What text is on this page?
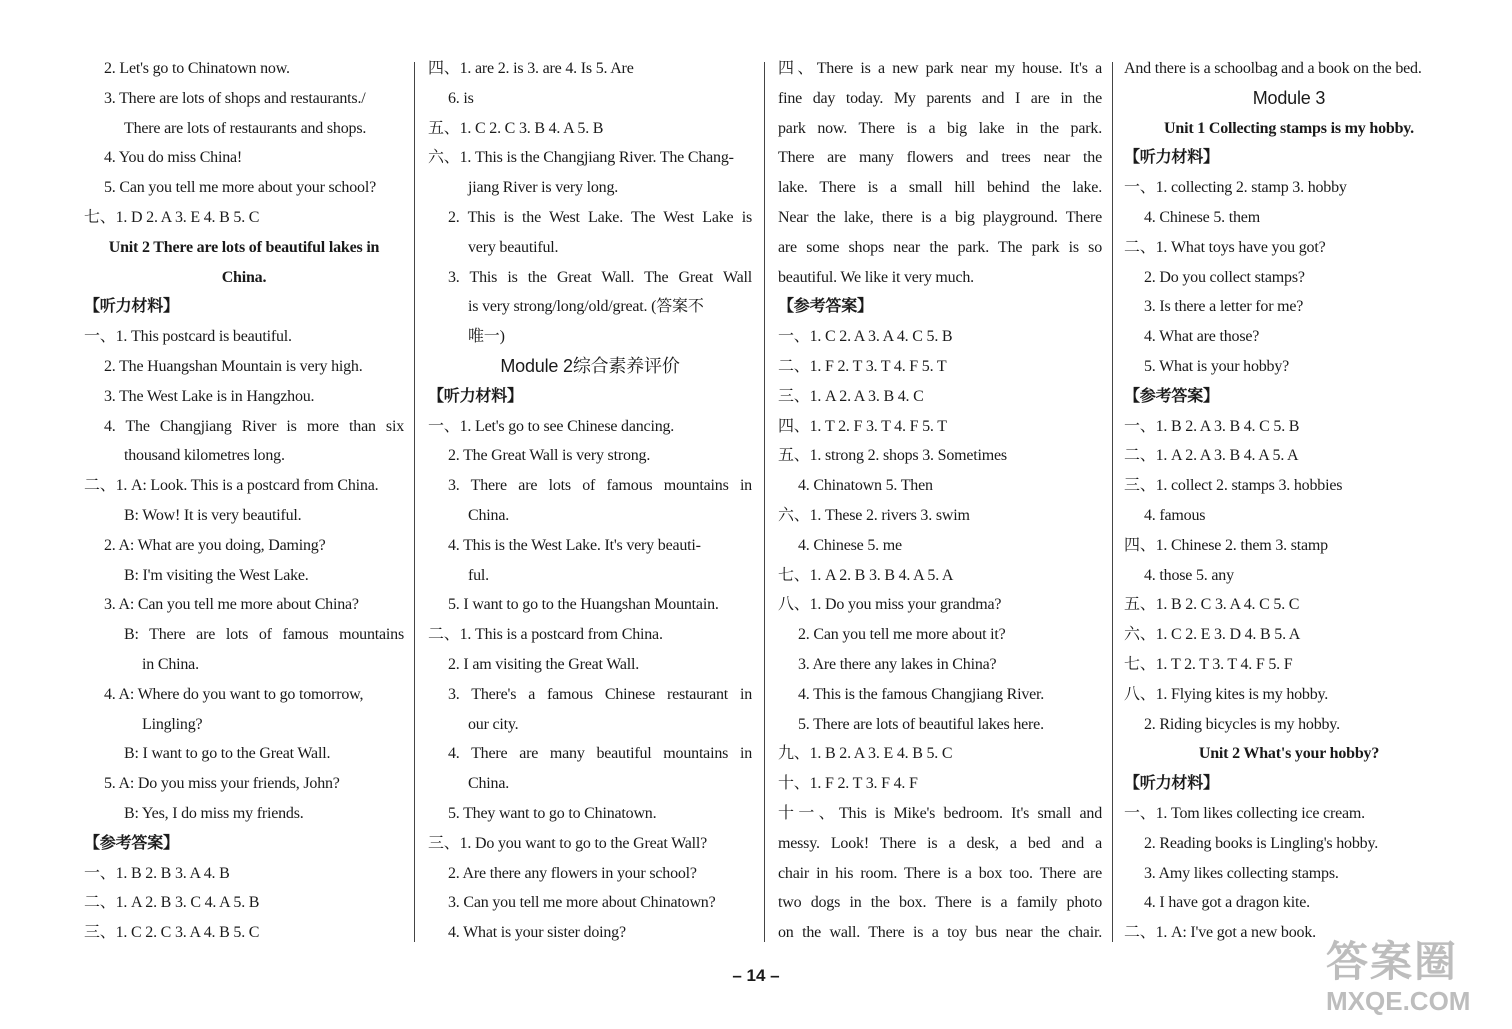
2. Let's go to Chinatown now.
3. There are lots of shops and restaurants./
There are lots of restaurants and shops.
4. You do miss China!
5. Can you tell me more about your school?
七、1. D 2. A 3. E 4. B 5. C
Unit 2 There are lots of beautiful lakes in
China.
【听力材料】
一、1. This postcard is beautiful.
2. The Huangshan Mountain is very high.
3. The West Lake is in Hangzhou.
4. The Changjiang River is more than six
thousand kilometres long.
二、1. A: Look. This is a postcard from China.
B: Wow! It is very beautiful.
2. A: What are you doing, Daming?
B: I'm visiting the West Lake.
3. A: Can you tell me more about China?
B: There are lots of famous mountains
in China.
4. A: Where do you want to go tomorrow,
Lingling?
B: I want to go to the Great Wall.
5. A: Do you miss your friends, John?
B: Yes, I do miss my friends.
【参考答案】
一、1. B 2. B 3. A 4. B
二、1. A 2. B 3. C 4. A 5. B
三、1. C 2. C 3. A 4. B 5. C
四、1. are 2. is 3. are 4. Is 5. Are
6. is
五、1. C 2. C 3. B 4. A 5. B
六、1. This is the Changjiang River. The Chang-
jiang River is very long.
2. This is the West Lake. The West Lake is
very beautiful.
3. This is the Great Wall. The Great Wall
is very strong/long/old/great. (答案不
唯一)
Module 2综合素养评价
【听力材料】
一、1. Let's go to see Chinese dancing.
2. The Great Wall is very strong.
3. There are lots of famous mountains in
China.
4. This is the West Lake. It's very beauti-
ful.
5. I want to go to the Huangshan Mountain.
二、1. This is a postcard from China.
2. I am visiting the Great Wall.
3. There's a famous Chinese restaurant in
our city.
4. There are many beautiful mountains in
China.
5. They want to go to Chinatown.
三、1. Do you want to go to the Great Wall?
2. Are there any flowers in your school?
3. Can you tell me more about Chinatown?
4. What is your sister doing?
四、There is a new park near my house. It's a
fine day today. My parents and I are in the
park now. There is a big lake in the park.
There are many flowers and trees near the
lake. There is a small hill behind the lake.
Near the lake, there is a big playground. There
are some shops near the park. The park is so
beautiful. We like it very much.
【参考答案】
一、1. C 2. A 3. A 4. C 5. B
二、1. F 2. T 3. T 4. F 5. T
三、1. A 2. A 3. B 4. C
四、1. T 2. F 3. T 4. F 5. T
五、1. strong 2. shops 3. Sometimes
4. Chinatown 5. Then
六、1. These 2. rivers 3. swim
4. Chinese 5. me
七、1. A 2. B 3. B 4. A 5. A
八、1. Do you miss your grandma?
2. Can you tell me more about it?
3. Are there any lakes in China?
4. This is the famous Changjiang River.
5. There are lots of beautiful lakes here.
九、1. B 2. A 3. E 4. B 5. C
十、1. F 2. T 3. F 4. F
十一、This is Mike's bedroom. It's small and
messy. Look! There is a desk, a bed and a
chair in his room. There is a box too. There are
two dogs in the box. There is a family photo
on the wall. There is a toy bus near the chair.
And there is a schoolbag and a book on the bed.
Module 3
Unit 1 Collecting stamps is my hobby.
【听力材料】
一、1. collecting 2. stamp 3. hobby
4. Chinese 5. them
二、1. What toys have you got?
2. Do you collect stamps?
3. Is there a letter for me?
4. What are those?
5. What is your hobby?
【参考答案】
一、1. B 2. A 3. B 4. C 5. B
二、1. A 2. A 3. B 4. A 5. A
三、1. collect 2. stamps 3. hobbies
4. famous
四、1. Chinese 2. them 3. stamp
4. those 5. any
五、1. B 2. C 3. A 4. C 5. C
六、1. C 2. E 3. D 4. B 5. A
七、1. T 2. T 3. T 4. F 5. F
八、1. Flying kites is my hobby.
2. Riding bicycles is my hobby.
Unit 2 What's your hobby?
【听力材料】
一、1. Tom likes collecting ice cream.
2. Reading books is Lingling's hobby.
3. Amy likes collecting stamps.
4. I have got a dragon kite.
二、1. A: I've got a new book.
– 14 –	答案圈
MXQE.COM
